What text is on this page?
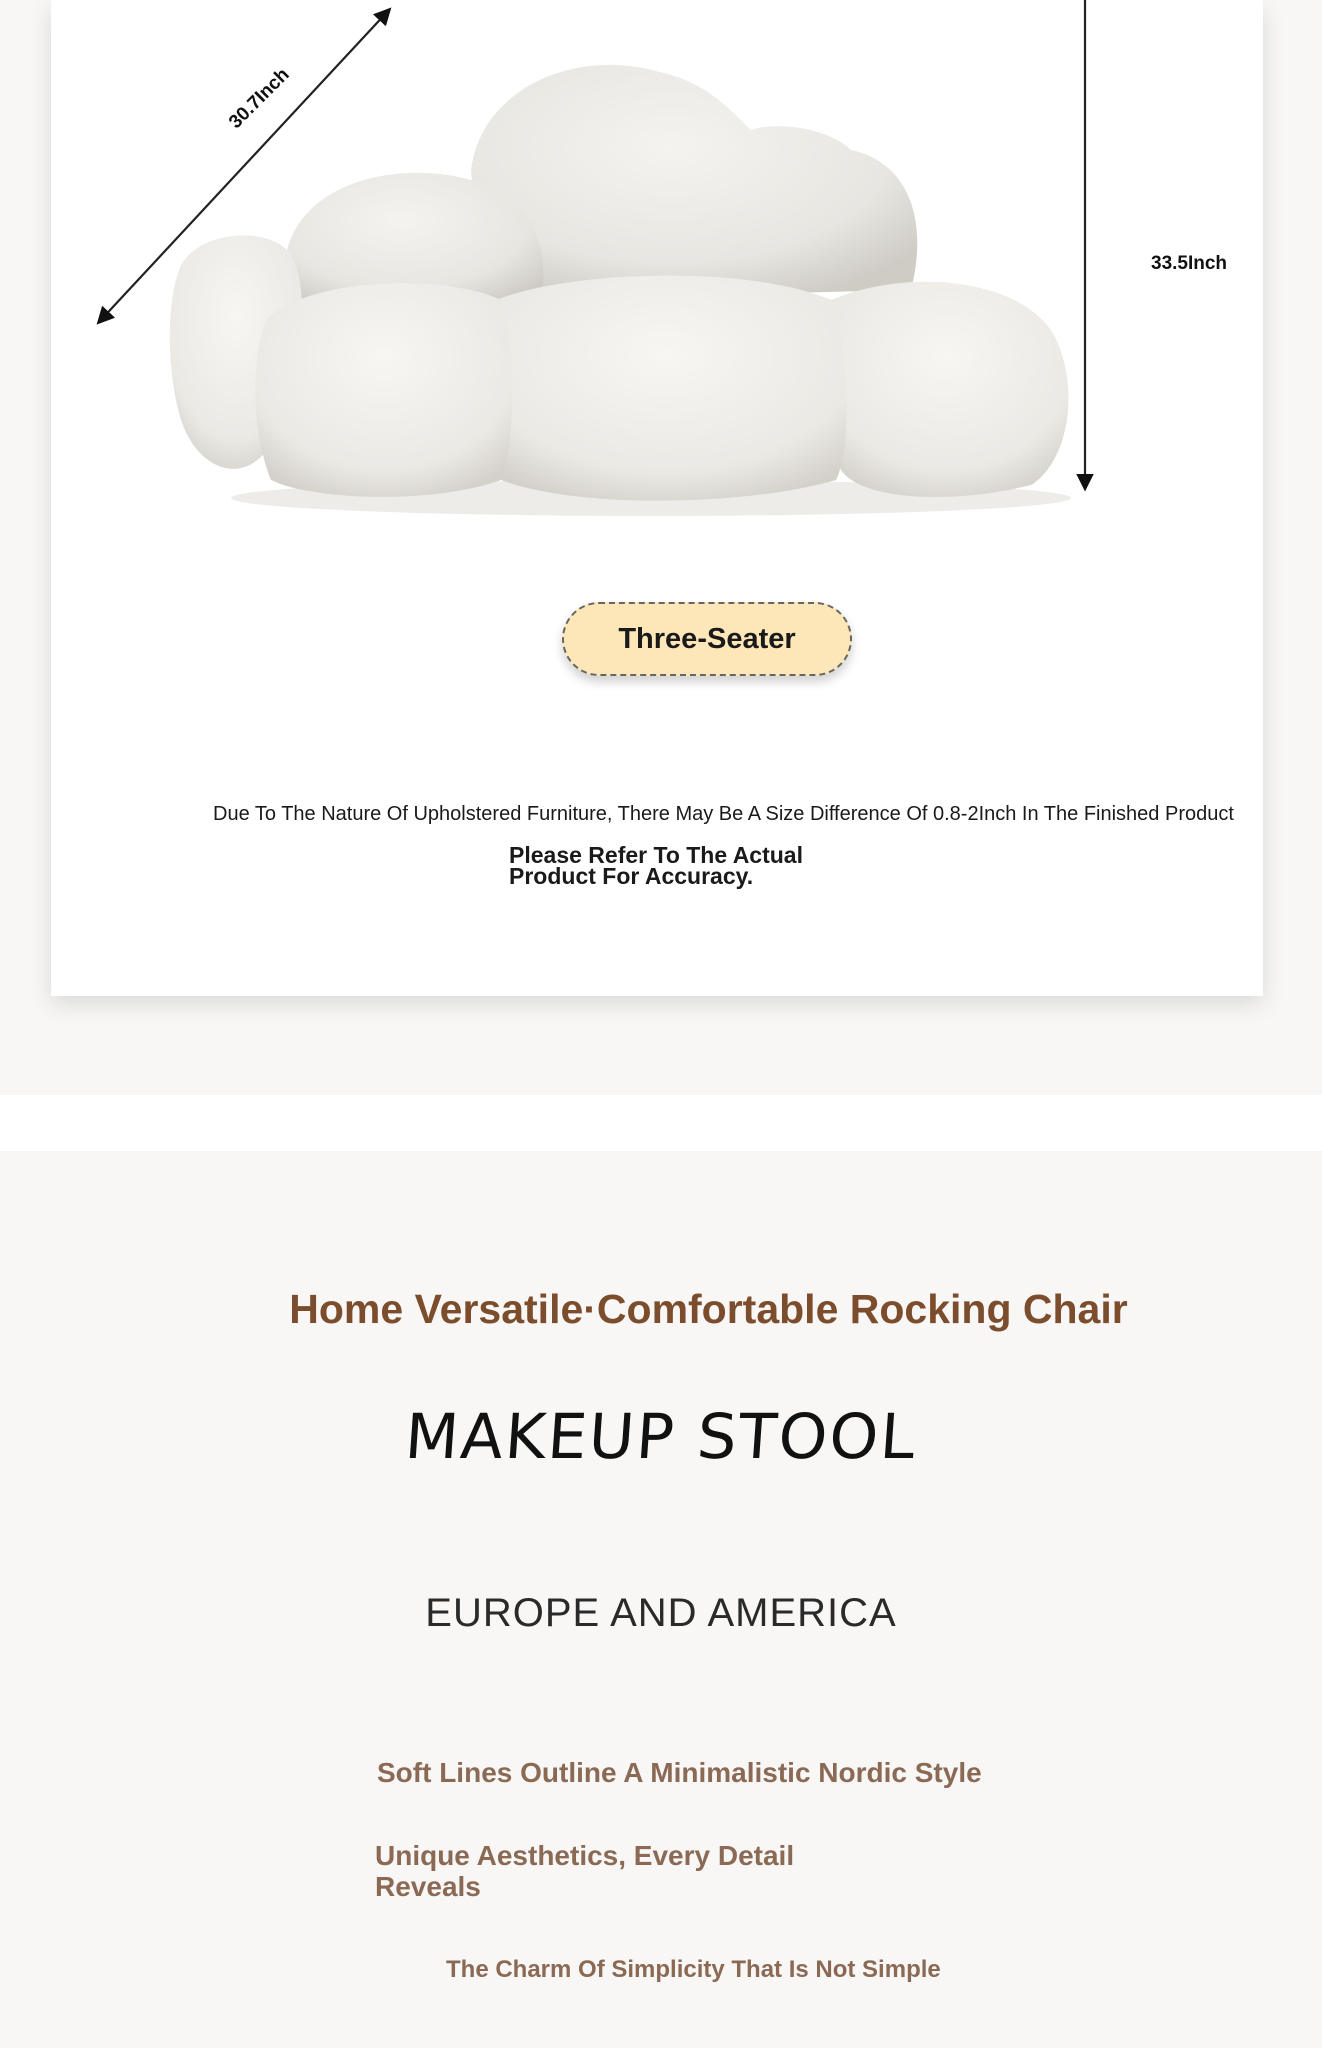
30.7Inch
33.5Inch
Three-Seater
Due To The Nature Of Upholstered Furniture, There May Be A Size Difference Of 0.8-2Inch In The Finished Product
Please Refer To The Actual Product For Accuracy.
Home Versatile·Comfortable Rocking Chair
MAKEUP STOOL
EUROPE AND AMERICA
Soft Lines Outline A Minimalistic Nordic Style
Unique Aesthetics, Every Detail Reveals
The Charm Of Simplicity That Is Not Simple
